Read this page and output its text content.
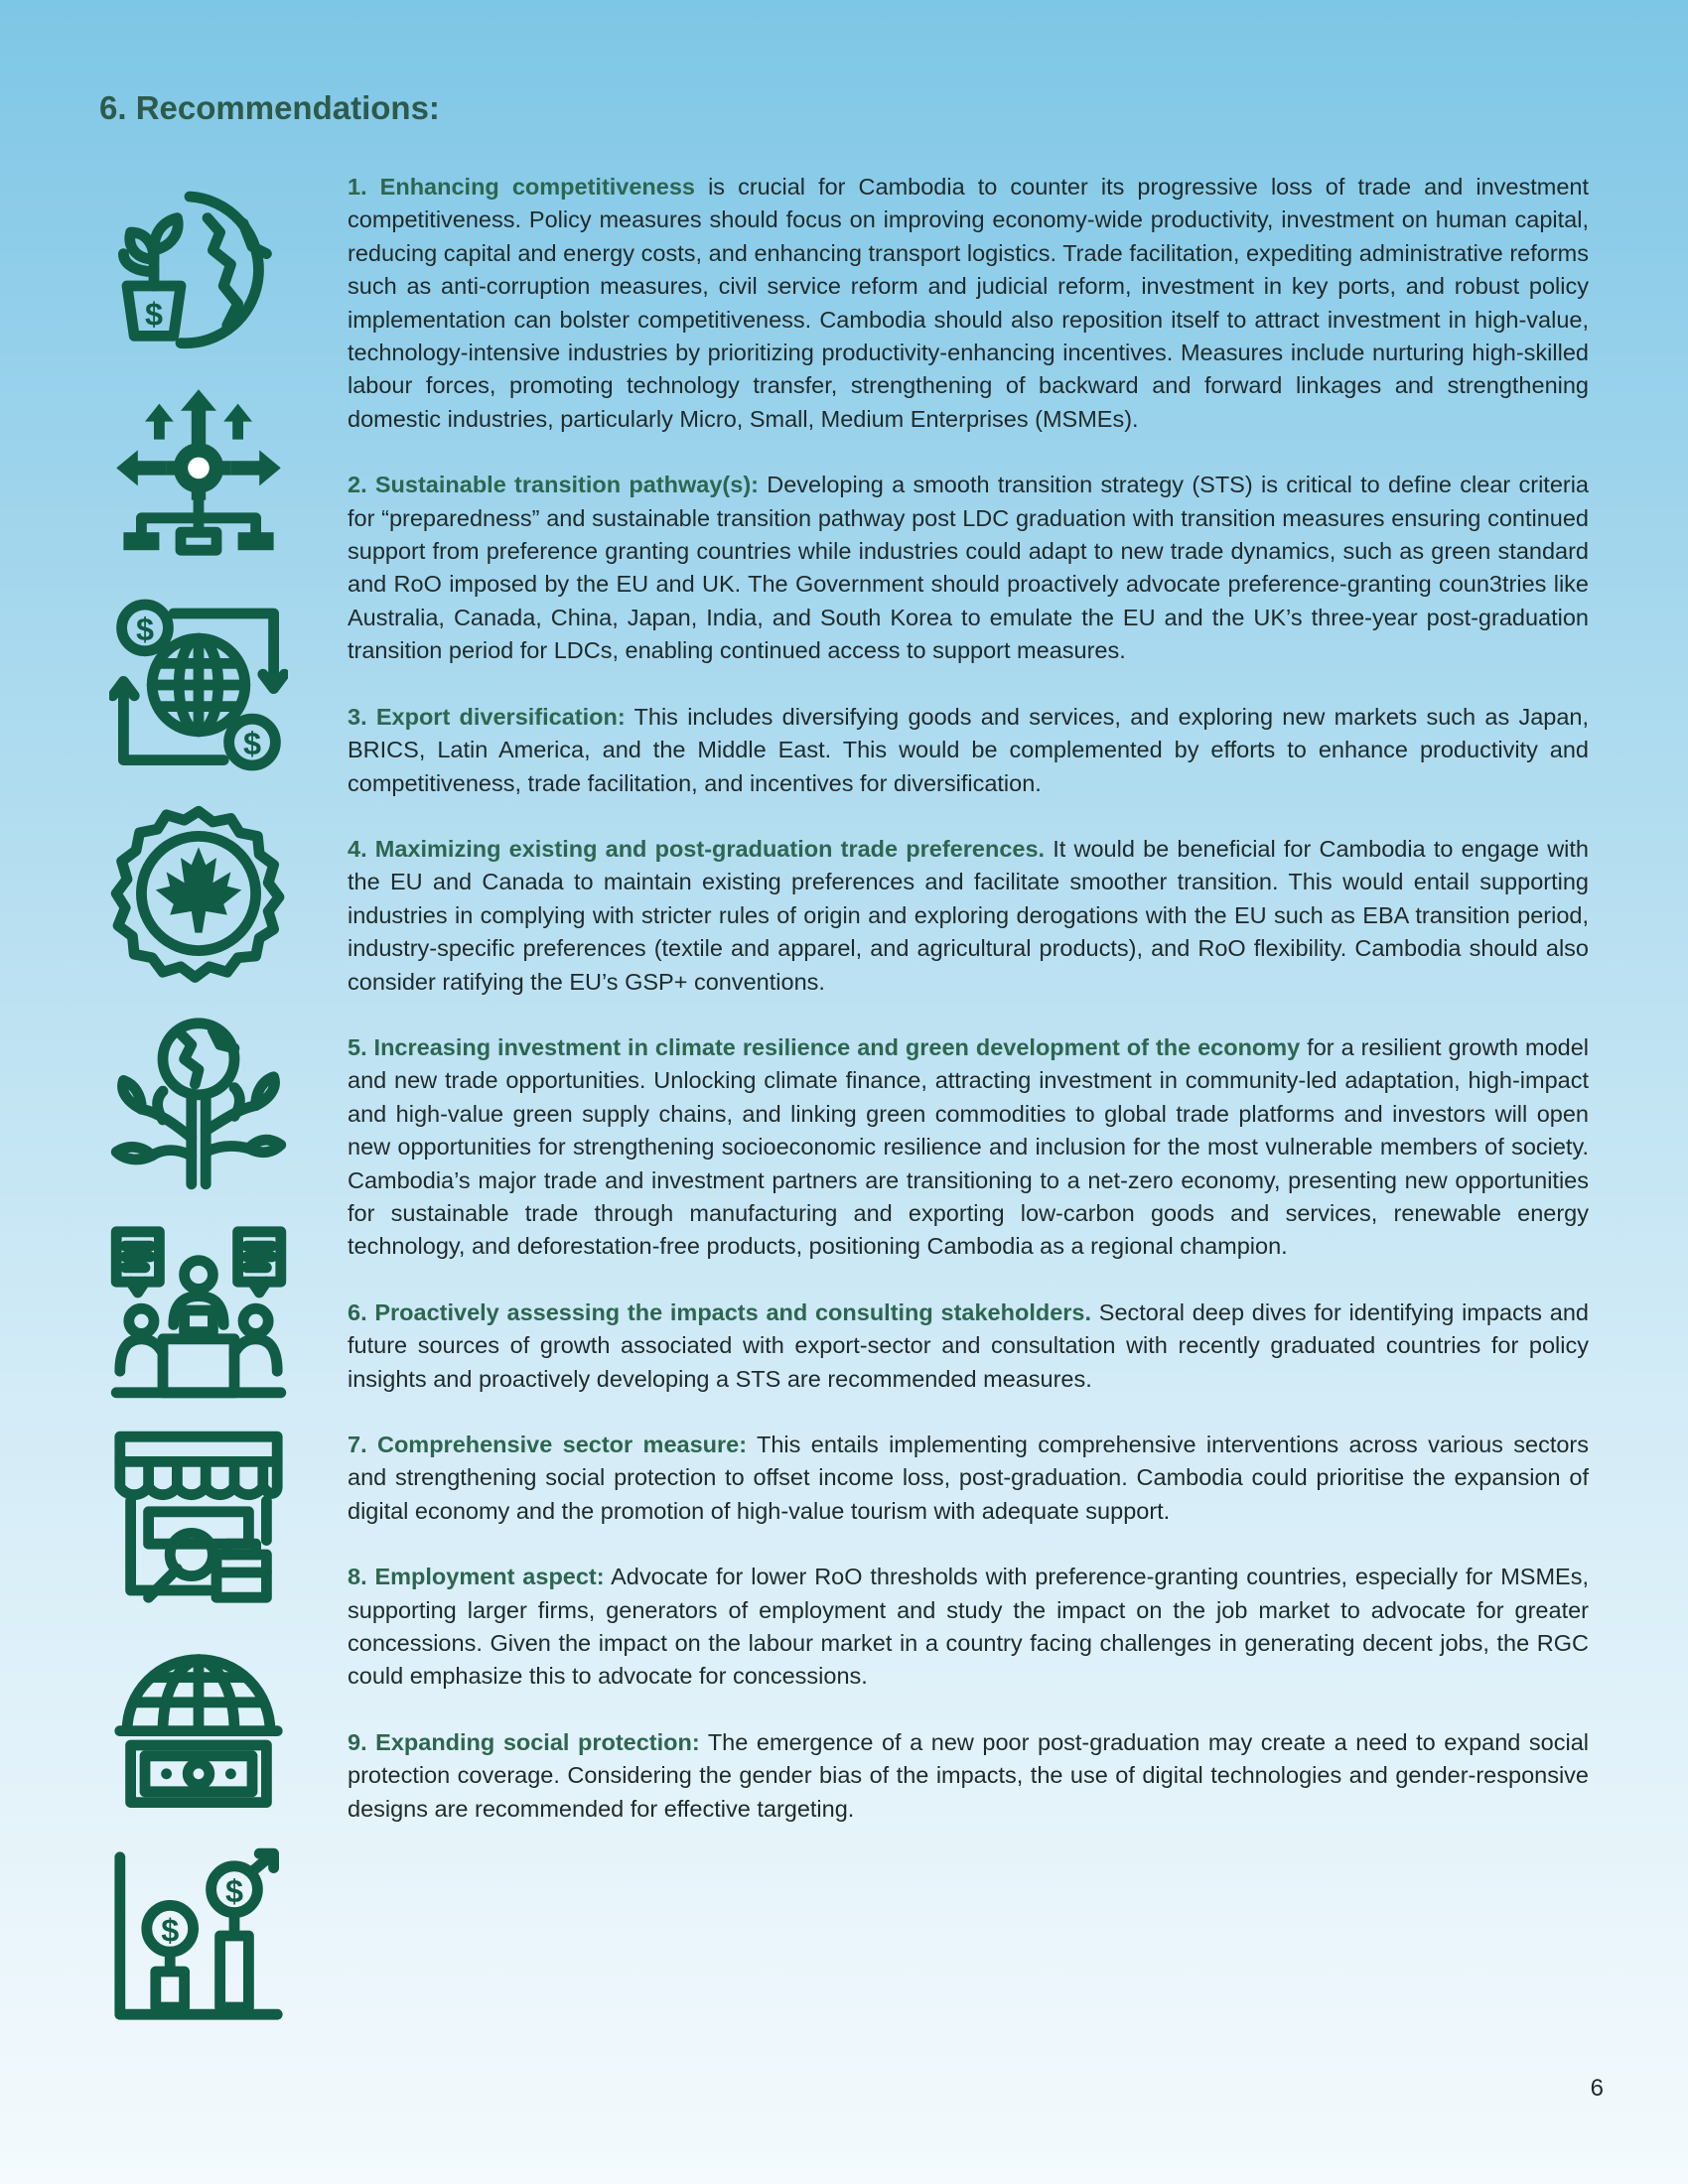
6. Recommendations:
$
$
$
$
$

1. Enhancing competitiveness is crucial for Cambodia to counter its progressive loss of trade and investment competitiveness. Policy measures should focus on improving economy-wide productivity, investment on human capital, reducing capital and energy costs, and enhancing transport logistics. Trade facilitation, expediting administrative reforms such as anti-corruption measures, civil service reform and judicial reform, investment in key ports, and robust policy implementation can bolster competitiveness. Cambodia should also reposition itself to attract investment in high-value, technology-intensive industries by prioritizing productivity-enhancing incentives. Measures include nurturing high-skilled labour forces, promoting technology transfer, strengthening of backward and forward linkages and strengthening domestic industries, particularly Micro, Small, Medium Enterprises (MSMEs).

2. Sustainable transition pathway(s): Developing a smooth transition strategy (STS) is critical to define clear criteria for “preparedness” and sustainable transition pathway post LDC graduation with transition measures ensuring continued support from preference granting countries while industries could adapt to new trade dynamics, such as green standard and RoO imposed by the EU and UK. The Government should proactively advocate preference-granting coun3tries like Australia, Canada, China, Japan, India, and South Korea to emulate the EU and the UK’s three-year post-graduation transition period for LDCs, enabling continued access to support measures.

3. Export diversification: This includes diversifying goods and services, and exploring new markets such as Japan, BRICS, Latin America, and the Middle East. This would be complemented by efforts to enhance productivity and competitiveness, trade facilitation, and incentives for diversification.

4. Maximizing existing and post-graduation trade preferences. It would be beneficial for Cambodia to engage with the EU and Canada to maintain existing preferences and facilitate smoother transition. This would entail supporting industries in complying with stricter rules of origin and exploring derogations with the EU such as EBA transition period, industry-specific preferences (textile and apparel, and agricultural products), and RoO flexibility. Cambodia should also consider ratifying the EU’s GSP+ conventions.

5. Increasing investment in climate resilience and green development of the economy for a resilient growth model and new trade opportunities. Unlocking climate finance, attracting investment in community-led adaptation, high-impact and high-value green supply chains, and linking green commodities to global trade platforms and investors will open new opportunities for strengthening socioeconomic resilience and inclusion for the most vulnerable members of society. Cambodia’s major trade and investment partners are transitioning to a net-zero economy, presenting new opportunities for sustainable trade through manufacturing and exporting low-carbon goods and services, renewable energy technology, and deforestation-free products, positioning Cambodia as a regional champion.

6. Proactively assessing the impacts and consulting stakeholders. Sectoral deep dives for identifying impacts and future sources of growth associated with export-sector and consultation with recently graduated countries for policy insights and proactively developing a STS are recommended measures.

7. Comprehensive sector measure: This entails implementing comprehensive interventions across various sectors and strengthening social protection to offset income loss, post-graduation. Cambodia could prioritise the expansion of digital economy and the promotion of high-value tourism with adequate support.

8. Employment aspect: Advocate for lower RoO thresholds with preference-granting countries, especially for MSMEs, supporting larger firms, generators of employment and study the impact on the job market to advocate for greater concessions. Given the impact on the labour market in a country facing challenges in generating decent jobs, the RGC could emphasize this to advocate for concessions.

9. Expanding social protection: The emergence of a new poor post-graduation may create a need to expand social protection coverage. Considering the gender bias of the impacts, the use of digital technologies and gender-responsive designs are recommended for effective targeting.

6
